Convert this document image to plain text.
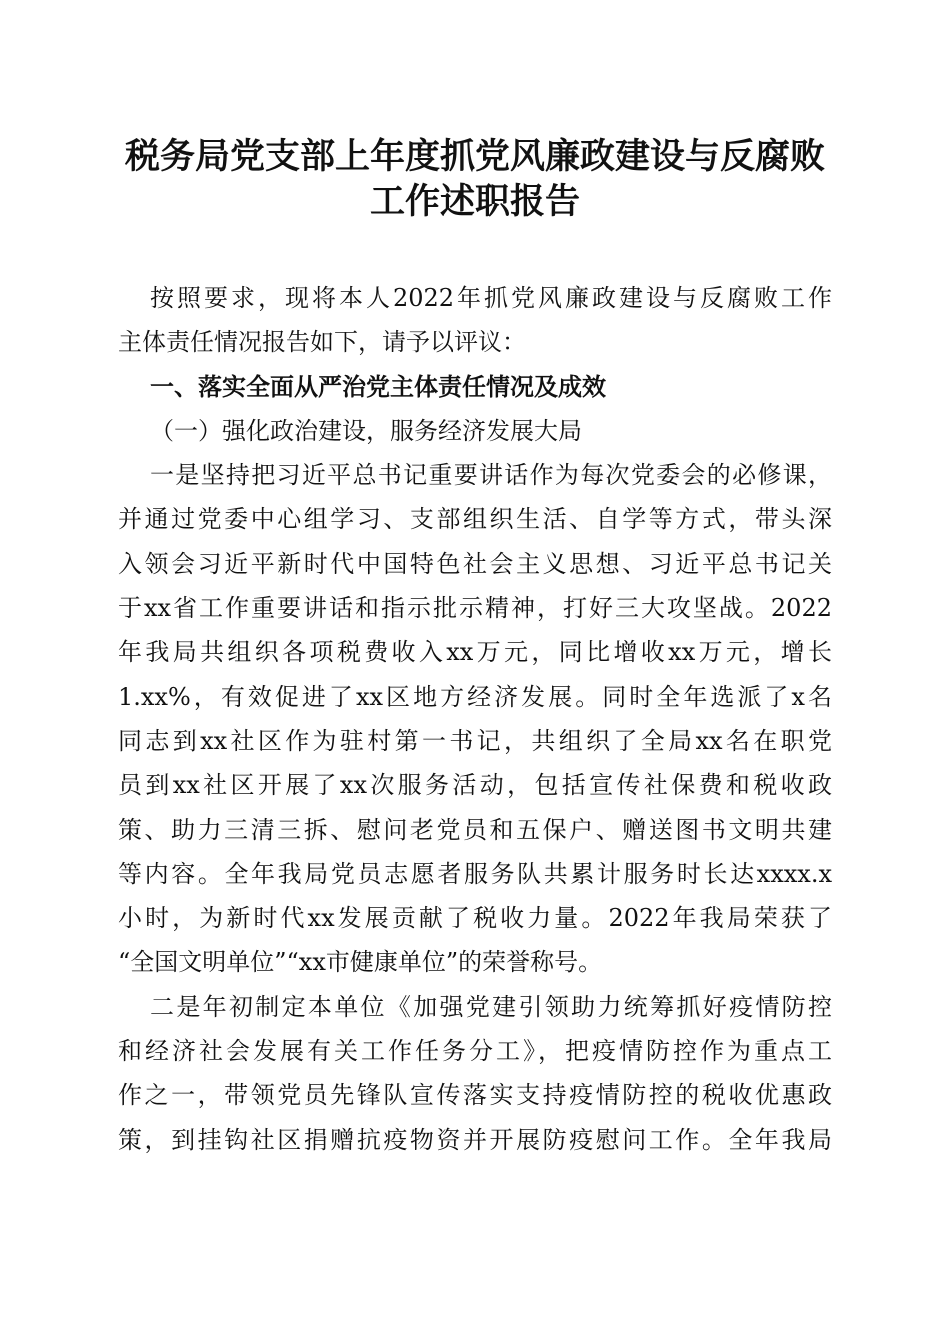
税务局党支部上年度抓党风廉政建设与反腐败
工作述职报告
按照要求，现将本人2022年抓党风廉政建设与反腐败工作
主体责任情况报告如下，请予以评议：
一、落实全面从严治党主体责任情况及成效
（一）强化政治建设，服务经济发展大局
一是坚持把习近平总书记重要讲话作为每次党委会的必修课，
并通过党委中心组学习、支部组织生活、自学等方式，带头深
入领会习近平新时代中国特色社会主义思想、习近平总书记关
于xx省工作重要讲话和指示批示精神，打好三大攻坚战。2022
年我局共组织各项税费收入xx万元，同比增收xx万元，增长
1.xx%，有效促进了xx区地方经济发展。同时全年选派了x名
同志到xx社区作为驻村第一书记，共组织了全局xx名在职党
员到xx社区开展了xx次服务活动，包括宣传社保费和税收政
策、助力三清三拆、慰问老党员和五保户、赠送图书文明共建
等内容。全年我局党员志愿者服务队共累计服务时长达xxxx.x
小时，为新时代xx发展贡献了税收力量。2022年我局荣获了
“全国文明单位”“xx市健康单位”的荣誉称号。
二是年初制定本单位《加强党建引领助力统筹抓好疫情防控
和经济社会发展有关工作任务分工》，把疫情防控作为重点工
作之一，带领党员先锋队宣传落实支持疫情防控的税收优惠政
策，到挂钩社区捐赠抗疫物资并开展防疫慰问工作。全年我局
